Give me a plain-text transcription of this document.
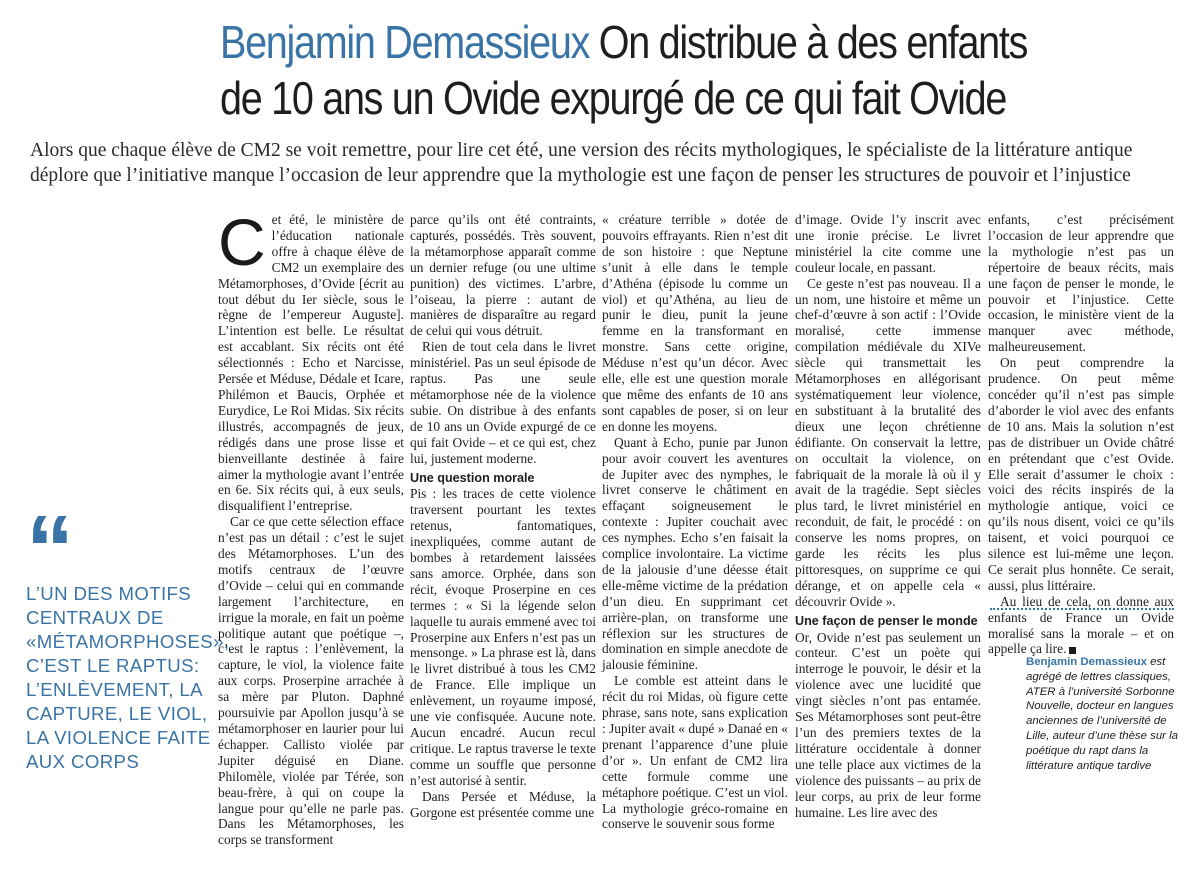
Benjamin Demassieux On distribue à des enfants de 10 ans un Ovide expurgé de ce qui fait Ovide
Alors que chaque élève de CM2 se voit remettre, pour lire cet été, une version des récits mythologiques, le spécialiste de la littérature antique déplore que l’initiative manque l’occasion de leur apprendre que la mythologie est une façon de penser les structures de pouvoir et l’injustice
“
L’UN DES MOTIFS CENTRAUX DE «MÉTAMORPHOSES», C’EST LE RAPTUS: L’ENLÈVEMENT, LA CAPTURE, LE VIOL, LA VIOLENCE FAITE AUX CORPS
C et été, le ministère de l’éducation nationale offre à chaque élève de CM2 un exemplaire des Métamorphoses, d’Ovide [écrit au tout début du Ier siècle, sous le règne de l’empereur Auguste]. L’intention est belle. Le résultat est accablant. Six récits ont été sélectionnés : Echo et Narcisse, Persée et Méduse, Dédale et Icare, Philémon et Baucis, Orphée et Eurydice, Le Roi Midas. Six récits illustrés, accompagnés de jeux, rédigés dans une prose lisse et bienveillante destinée à faire aimer la mythologie avant l’entrée en 6e. Six récits qui, à eux seuls, disqualifient l’entreprise.

Car ce que cette sélection efface n’est pas un détail : c’est le sujet des Métamorphoses. L’un des motifs centraux de l’œuvre d’Ovide – celui qui en commande largement l’architecture, en irrigue la morale, en fait un poème politique autant que poétique –, c’est le raptus : l’enlèvement, la capture, le viol, la violence faite aux corps. Proserpine arrachée à sa mère par Pluton. Daphné poursuivie par Apollon jusqu’à se métamorphoser en laurier pour lui échapper. Callisto violée par Jupiter déguisé en Diane. Philomèle, violée par Térée, son beau-frère, à qui on coupe la langue pour qu’elle ne parle pas. Dans les Métamorphoses, les corps se transforment

parce qu’ils ont été contraints, capturés, possédés. Très souvent, la métamorphose apparaît comme un dernier refuge (ou une ultime punition) des victimes. L’arbre, l’oiseau, la pierre : autant de manières de disparaître au regard de celui qui vous détruit.

Rien de tout cela dans le livret ministériel. Pas un seul épisode de raptus. Pas une seule métamorphose née de la violence subie. On distribue à des enfants de 10 ans un Ovide expurgé de ce qui fait Ovide – et ce qui est, chez lui, justement moderne.

Une question morale

Pis : les traces de cette violence traversent pourtant les textes retenus, fantomatiques, inexpliquées, comme autant de bombes à retardement laissées sans amorce. Orphée, dans son récit, évoque Proserpine en ces termes : « Si la légende selon laquelle tu aurais emmené avec toi Proserpine aux Enfers n’est pas un mensonge. » La phrase est là, dans le livret distribué à tous les CM2 de France. Elle implique un enlèvement, un royaume imposé, une vie confisquée. Aucune note. Aucun encadré. Aucun recul critique. Le raptus traverse le texte comme un souffle que personne n’est autorisé à sentir.

Dans Persée et Méduse, la Gorgone est présentée comme une

« créature terrible » dotée de pouvoirs effrayants. Rien n’est dit de son histoire : que Neptune s’unit à elle dans le temple d’Athéna (épisode lu comme un viol) et qu’Athéna, au lieu de punir le dieu, punit la jeune femme en la transformant en monstre. Sans cette origine, Méduse n’est qu’un décor. Avec elle, elle est une question morale que même des enfants de 10 ans sont capables de poser, si on leur en donne les moyens.

Quant à Echo, punie par Junon pour avoir couvert les aventures de Jupiter avec des nymphes, le livret conserve le châtiment en effaçant soigneusement le contexte : Jupiter couchait avec ces nymphes. Echo s’en faisait la complice involontaire. La victime de la jalousie d’une déesse était elle-même victime de la prédation d’un dieu. En supprimant cet arrière-plan, on transforme une réflexion sur les structures de domination en simple anecdote de jalousie féminine.

Le comble est atteint dans le récit du roi Midas, où figure cette phrase, sans note, sans explication : Jupiter avait « dupé » Danaé en « prenant l’apparence d’une pluie d’or ». Un enfant de CM2 lira cette formule comme une métaphore poétique. C’est un viol. La mythologie gréco-romaine en conserve le souvenir sous forme

d’image. Ovide l’y inscrit avec une ironie précise. Le livret ministériel la cite comme une couleur locale, en passant.

Ce geste n’est pas nouveau. Il a un nom, une histoire et même un chef-d’œuvre à son actif : l’Ovide moralisé, cette immense compilation médiévale du XIVe siècle qui transmettait les Métamorphoses en allégorisant systématiquement leur violence, en substituant à la brutalité des dieux une leçon chrétienne édifiante. On conservait la lettre, on occultait la violence, on fabriquait de la morale là où il y avait de la tragédie. Sept siècles plus tard, le livret ministériel en reconduit, de fait, le procédé : on conserve les noms propres, on garde les récits les plus pittoresques, on supprime ce qui dérange, et on appelle cela « découvrir Ovide ».

Une façon de penser le monde

Or, Ovide n’est pas seulement un conteur. C’est un poète qui interroge le pouvoir, le désir et la violence avec une lucidité que vingt siècles n’ont pas entamée. Ses Métamorphoses sont peut-être l’un des premiers textes de la littérature occidentale à donner une telle place aux victimes de la violence des puissants – au prix de leur corps, au prix de leur forme humaine. Les lire avec des

enfants, c’est précisément l’occasion de leur apprendre que la mythologie n’est pas un répertoire de beaux récits, mais une façon de penser le monde, le pouvoir et l’injustice. Cette occasion, le ministère vient de la manquer avec méthode, malheureusement.

On peut comprendre la prudence. On peut même concéder qu’il n’est pas simple d’aborder le viol avec des enfants de 10 ans. Mais la solution n’est pas de distribuer un Ovide châtré en prétendant que c’est Ovide. Elle serait d’assumer le choix : voici des récits inspirés de la mythologie antique, voici ce qu’ils nous disent, voici ce qu’ils taisent, et voici pourquoi ce silence est lui-même une leçon. Ce serait plus honnête. Ce serait, aussi, plus littéraire.

Au lieu de cela, on donne aux enfants de France un Ovide moralisé sans la morale – et on appelle ça lire.

Benjamin Demassieux est agrégé de lettres classiques, ATER à l’université Sorbonne Nouvelle, docteur en langues anciennes de l’université de Lille, auteur d’une thèse sur la poétique du rapt dans la littérature antique tardive
